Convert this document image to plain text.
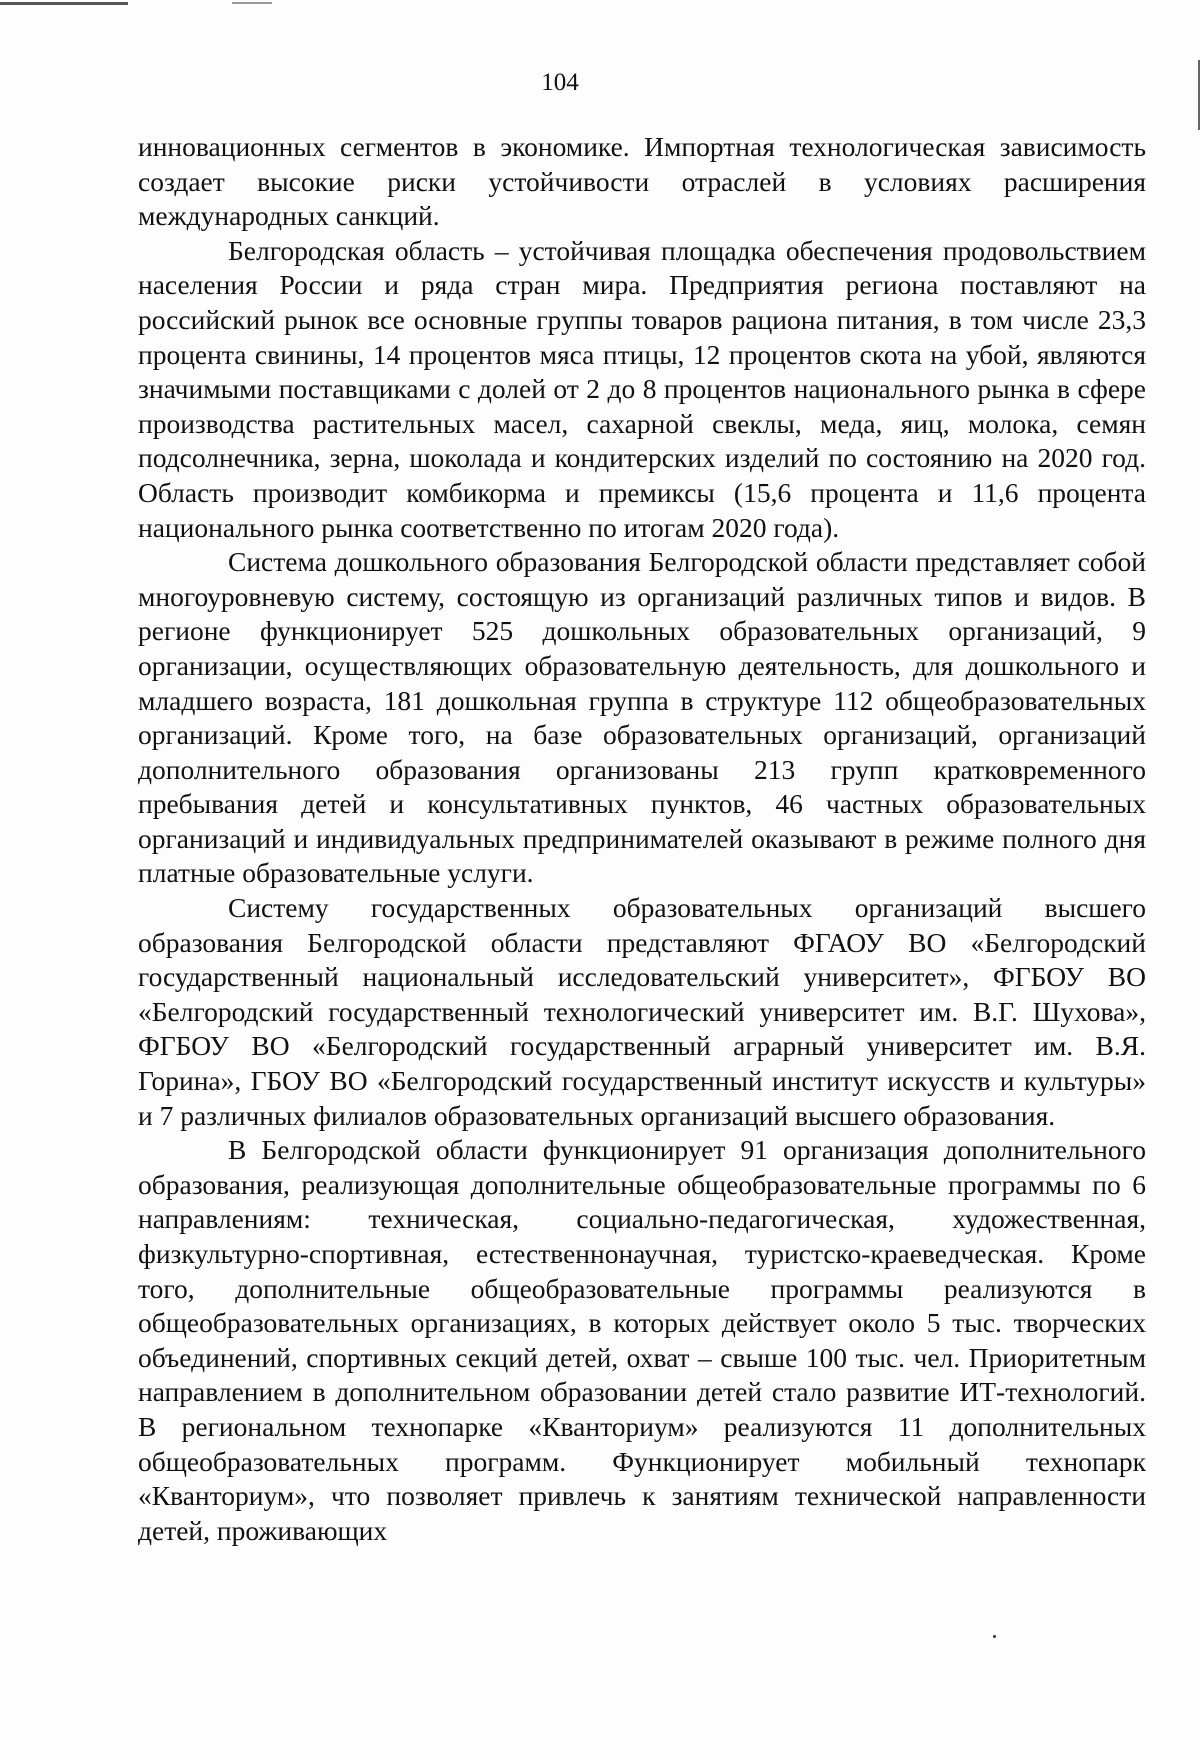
104

инновационных сегментов в экономике. Импортная технологическая зависимость создает высокие риски устойчивости отраслей в условиях расширения международных санкций.

Белгородская область – устойчивая площадка обеспечения продовольствием населения России и ряда стран мира. Предприятия региона поставляют на российский рынок все основные группы товаров рациона питания, в том числе 23,3 процента свинины, 14 процентов мяса птицы, 12 процентов скота на убой, являются значимыми поставщиками с долей от 2 до 8 процентов национального рынка в сфере производства растительных масел, сахарной свеклы, меда, яиц, молока, семян подсолнечника, зерна, шоколада и кондитерских изделий по состоянию на 2020 год. Область производит комбикорма и премиксы (15,6 процента и 11,6 процента национального рынка соответственно по итогам 2020 года).

Система дошкольного образования Белгородской области представляет собой многоуровневую систему, состоящую из организаций различных типов и видов. В регионе функционирует 525 дошкольных образовательных организаций, 9 организации, осуществляющих образовательную деятельность, для дошкольного и младшего возраста, 181 дошкольная группа в структуре 112 общеобразовательных организаций. Кроме того, на базе образовательных организаций, организаций дополнительного образования организованы 213 групп кратковременного пребывания детей и консультативных пунктов, 46 частных образовательных организаций и индивидуальных предпринимателей оказывают в режиме полного дня платные образовательные услуги.

Систему государственных образовательных организаций высшего образования Белгородской области представляют ФГАОУ ВО «Белгородский государственный национальный исследовательский университет», ФГБОУ ВО «Белгородский государственный технологический университет им. В.Г. Шухова», ФГБОУ ВО «Белгородский государственный аграрный университет им. В.Я. Горина», ГБОУ ВО «Белгородский государственный институт искусств и культуры» и 7 различных филиалов образовательных организаций высшего образования.

В Белгородской области функционирует 91 организация дополнительного образования, реализующая дополнительные общеобразовательные программы по 6 направлениям: техническая, социально-педагогическая, художественная, физкультурно-спортивная, естественнонаучная, туристско-краеведческая. Кроме того, дополнительные общеобразовательные программы реализуются в общеобразовательных организациях, в которых действует около 5 тыс. творческих объединений, спортивных секций детей, охват – свыше 100 тыс. чел. Приоритетным направлением в дополнительном образовании детей стало развитие ИТ-технологий. В региональном технопарке «Кванториум» реализуются 11 дополнительных общеобразовательных программ. Функционирует мобильный технопарк «Кванториум», что позволяет привлечь к занятиям технической направленности детей, проживающих
